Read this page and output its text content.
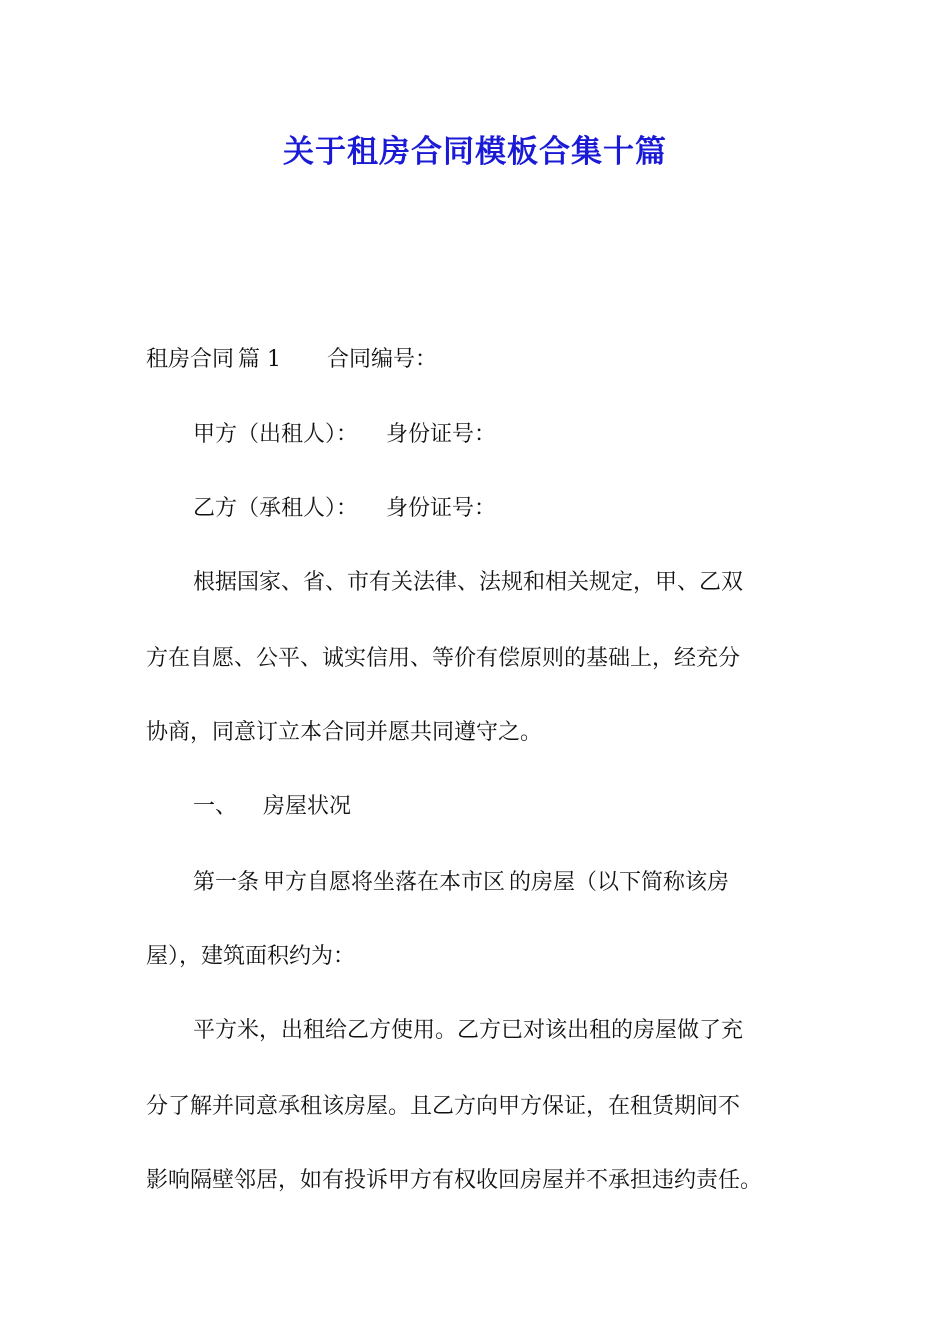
关于租房合同模板合集十篇
租房合同 篇 1 合同编号：
甲方（出租人）： 身份证号：
乙方（承租人）： 身份证号：
根据国家、省、市有关法律、法规和相关规定，甲、乙双
方在自愿、公平、诚实信用、等价有偿原则的基础上，经充分
协商，同意订立本合同并愿共同遵守之。
一、 房屋状况
第一条 甲方自愿将坐落在本市区 的房屋（以下简称该房
屋），建筑面积约为：
平方米，出租给乙方使用。乙方已对该出租的房屋做了充
分了解并同意承租该房屋。且乙方向甲方保证，在租赁期间不
影响隔壁邻居，如有投诉甲方有权收回房屋并不承担违约责任。
